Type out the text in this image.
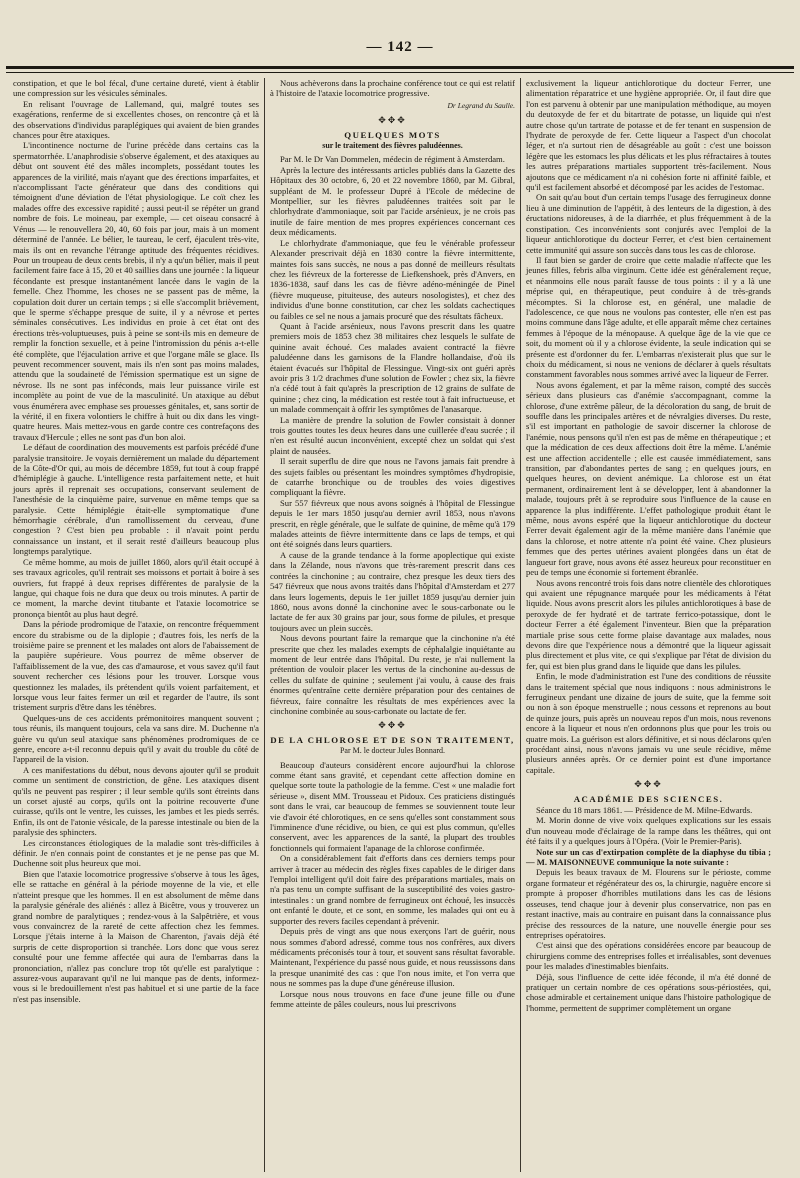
— 142 —

constipation, et que le bol fécal, d'une certaine dureté, vient à établir une compression sur les vésicules séminales.

En relisant l'ouvrage de Lallemand, qui, malgré toutes ses exagérations, renferme de si excellentes choses, on rencontre çà et là des observations d'individus paraplégiques qui avaient de bien grandes chances pour être ataxiques.

L'incontinence nocturne de l'urine précède dans certains cas la spermatorrhée. L'anaphrodisie s'observe également, et des ataxiques au début ont souvent été des mâles incomplets, possédant toutes les apparences de la virilité, mais n'ayant que des érections imparfaites, et n'accomplissant l'acte générateur que dans des conditions qui témoignent d'une déviation de l'état physiologique. Le coït chez les malades offre des excessive rapidité ; aussi peut-il se répéter un grand nombre de fois. Le moineau, par exemple, — cet oiseau consacré à Vénus — le renouvellera 20, 40, 60 fois par jour, mais à un moment déterminé de l'année. Le bélier, le taureau, le cerf, éjaculent très-vite, mais ils ont en revanche l'étrange aptitude des fréquentes récidives. Pour un troupeau de deux cents brebis, il n'y a qu'un bélier, mais il peut facilement faire face à 15, 20 et 40 saillies dans une journée : la liqueur fécondante est presque instantanément lancée dans le vagin de la femelle. Chez l'homme, les choses ne se passent pas de même, la copulation doit durer un certain temps ; si elle s'accomplit brièvement, que le sperme s'échappe presque de suite, il y a névrose et pertes séminales consécutives. Les individus en proie à cet état ont des érections très-voluptueuses, puis à peine se sont-ils mis en demeure de remplir la fonction sexuelle, et à peine l'intromission du pénis a-t-elle été complète, que l'éjaculation arrive et que l'organe mâle se glace. Ils peuvent recommencer souvent, mais ils n'en sont pas moins malades, attendu que la soudaineté de l'émission spermatique est un signe de névrose. Ils ne sont pas inféconds, mais leur puissance virile est incomplète au point de vue de la masculinité. Un ataxique au début vous énumérera avec emphase ses prouesses génitales, et, sans sortir de la vérité, il en fixera volontiers le chiffre à huit ou dix dans les vingt-quatre heures. Mais mettez-vous en garde contre ces contrefaçons des travaux d'Hercule ; elles ne sont pas d'un bon aloi.

Le défaut de coordination des mouvements est parfois précédé d'une paralysie transitoire. Je voyais dernièrement un malade du département de la Côte-d'Or qui, au mois de décembre 1859, fut tout à coup frappé d'hémiplégie à gauche. L'intelligence resta parfaitement nette, et huit jours après il reprenait ses occupations, conservant seulement de l'anesthésie de la cinquième paire, survenue en même temps que sa paralysie. Cette hémiplégie était-elle symptomatique d'une hémorrhagie cérébrale, d'un ramollissement du cerveau, d'une congestion ? C'est bien peu probable : il n'avait point perdu connaissance un instant, et il serait resté d'ailleurs beaucoup plus longtemps paralytique.

Ce même homme, au mois de juillet 1860, alors qu'il était occupé à ses travaux agricoles, qu'il rentrait ses moissons et portait à boire à ses ouvriers, fut frappé à deux reprises différentes de paralysie de la langue, qui chaque fois ne dura que deux ou trois minutes. A partir de ce moment, la marche devint titubante et l'ataxie locomotrice se prononça bientôt au plus haut degré.

Dans la période prodromique de l'ataxie, on rencontre fréquemment encore du strabisme ou de la diplopie ; d'autres fois, les nerfs de la troisième paire se prennent et les malades ont alors de l'abaissement de la paupière supérieure. Vous pourrez de même observer de l'affaiblissement de la vue, des cas d'amaurose, et vous savez qu'il faut souvent rechercher ces lésions pour les trouver. Lorsque vous questionnez les malades, ils prétendent qu'ils voient parfaitement, et lorsque vous leur faites fermer un œil et regarder de l'autre, ils sont tristement surpris d'être dans les ténèbres.

Quelques-uns de ces accidents prémonitoires manquent souvent ; tous réunis, ils manquent toujours, cela va sans dire. M. Duchenne n'a guère vu qu'un seul ataxique sans phénomènes prodromiques de ce genre, encore a-t-il reconnu depuis qu'il y avait du trouble du côté de l'appareil de la vision.

A ces manifestations du début, nous devons ajouter qu'il se produit comme un sentiment de constriction, de gêne. Les ataxiques disent qu'ils ne peuvent pas respirer ; il leur semble qu'ils sont étreints dans un corset ajusté au corps, qu'ils ont la poitrine recouverte d'une cuirasse, qu'ils ont le ventre, les cuisses, les jambes et les pieds serrés. Enfin, ils ont de l'atonie vésicale, de la paresse intestinale ou bien de la paralysie des sphincters.

Les circonstances étiologiques de la maladie sont très-difficiles à définir. Je n'en connais point de constantes et je ne pense pas que M. Duchenne soit plus heureux que moi.

Bien que l'ataxie locomotrice progressive s'observe à tous les âges, elle se rattache en général à la période moyenne de la vie, et elle n'atteint presque que les hommes. Il en est absolument de même dans la paralysie générale des aliénés : allez à Bicêtre, vous y trouverez un grand nombre de paralytiques ; rendez-vous à la Salpêtrière, et vous vous convaincrez de la rareté de cette affection chez les femmes. Lorsque j'étais interne à la Maison de Charenton, j'avais déjà été surpris de cette disproportion si tranchée. Lors donc que vous serez consulté pour une femme affectée qui aura de l'embarras dans la prononciation, n'allez pas conclure trop tôt qu'elle est paralytique : assurez-vous auparavant qu'il ne lui manque pas de dents, informez-vous si le bredouillement n'est pas habituel et si une partie de la face n'est pas insensible.

Nous achèverons dans la prochaine conférence tout ce qui est relatif à l'histoire de l'ataxie locomotrice progressive.

Dr Legrand du Saulle.
✥✥✥
QUELQUES MOTS
sur le traitement des fièvres paludéennes.

Par M. le Dr Van Dommelen, médecin de régiment à Amsterdam.

Après la lecture des intéressants articles publiés dans la Gazette des Hôpitaux des 30 octobre, 6, 20 et 22 novembre 1860, par M. Gibral, suppléant de M. le professeur Dupré à l'Ecole de médecine de Montpellier, sur les fièvres paludéennes traitées soit par le chlorhydrate d'ammoniaque, soit par l'acide arsénieux, je ne crois pas inutile de faire mention de mes propres expériences concernant ces deux médicaments.

Le chlorhydrate d'ammoniaque, que feu le vénérable professeur Alexander prescrivait déjà en 1830 contre la fièvre intermittente, maintes fois sans succès, ne nous a pas donné de meilleurs résultats chez les fiévreux de la forteresse de Liefkenshoek, près d'Anvers, en 1836-1838, sauf dans les cas de fièvre adéno-méningée de Pinel (fièvre muqueuse, pituiteuse, des auteurs nosologistes), et chez des individus d'une bonne constitution, car chez les soldats cachectiques ou faibles ce sel ne nous a jamais procuré que des résultats fâcheux.

Quant à l'acide arsénieux, nous l'avons prescrit dans les quatre premiers mois de 1853 chez 38 militaires chez lesquels le sulfate de quinine avait échoué. Ces malades avaient contracté la fièvre paludéenne dans les garnisons de la Flandre hollandaise, d'où ils étaient évacués sur l'hôpital de Flessingue. Vingt-six ont guéri après avoir pris 3 1/2 drachmes d'une solution de Fowler ; chez six, la fièvre n'a cédé tout à fait qu'après la prescription de 12 grains de sulfate de quinine ; chez cinq, la médication est restée tout à fait infructueuse, et un malade commençait à offrir les symptômes de l'anasarque.

La manière de prendre la solution de Fowler consistait à donner trois gouttes toutes les deux heures dans une cuillerée d'eau sucrée ; il n'en est résulté aucun inconvénient, excepté chez un soldat qui s'est plaint de nausées.

Il serait superflu de dire que nous ne l'avons jamais fait prendre à des sujets faibles ou présentant les moindres symptômes d'hydropisie, de catarrhe bronchique ou de troubles des voies digestives compliquant la fièvre.

Sur 557 fiévreux que nous avons soignés à l'hôpital de Flessingue depuis le 1er mars 1850 jusqu'au dernier avril 1853, nous n'avons prescrit, en règle générale, que le sulfate de quinine, de même qu'à 179 malades atteints de fièvre intermittente dans ce laps de temps, et qui ont été soignés dans leurs quartiers.

A cause de la grande tendance à la forme apoplectique qui existe dans la Zélande, nous n'avons que très-rarement prescrit dans ces contrées la cinchonine ; au contraire, chez presque les deux tiers des 547 fiévreux que nous avons traités dans l'hôpital d'Amsterdam et 277 dans leurs logements, depuis le 1er juillet 1859 jusqu'au dernier juin 1860, nous avons donné la cinchonine avec le sous-carbonate ou le lactate de fer aux 30 grains par jour, sous forme de pilules, et presque toujours avec un plein succès.

Nous devons pourtant faire la remarque que la cinchonine n'a été prescrite que chez les malades exempts de céphalalgie inquiétante au moment de leur entrée dans l'hôpital. Du reste, je n'ai nullement la prétention de vouloir placer les vertus de la cinchonine au-dessus de celles du sulfate de quinine ; seulement j'ai voulu, à cause des frais énormes qu'entraîne cette dernière préparation pour des centaines de fiévreux, faire connaître les résultats de mes expériences avec la cinchonine combinée au sous-carbonate ou lactate de fer.

✥✥✥
DE LA CHLOROSE ET DE SON TRAITEMENT,
Par M. le docteur Jules Bonnard.

Beaucoup d'auteurs considèrent encore aujourd'hui la chlorose comme étant sans gravité, et cependant cette affection domine en quelque sorte toute la pathologie de la femme. C'est « une maladie fort sérieuse », disent MM. Trousseau et Pidoux. Ces praticiens distingués sont dans le vrai, car beaucoup de femmes se souviennent toute leur vie d'avoir été chlorotiques, en ce sens qu'elles sont constamment sous l'imminence d'une récidive, ou bien, ce qui est plus commun, qu'elles conservent, avec les apparences de la santé, la plupart des troubles fonctionnels qui formaient l'apanage de la chlorose confirmée.

On a considérablement fait d'efforts dans ces derniers temps pour arriver à tracer au médecin des règles fixes capables de le diriger dans l'emploi intelligent qu'il doit faire des préparations martiales, mais on n'a pas tenu un compte suffisant de la susceptibilité des voies gastro-intestinales : un grand nombre de ferrugineux ont échoué, les insuccès ont enfanté le doute, et ce sont, en somme, les malades qui ont eu à supporter des revers faciles cependant à prévenir.

Depuis près de vingt ans que nous exerçons l'art de guérir, nous nous sommes d'abord adressé, comme tous nos confrères, aux divers médicaments préconisés tour à tour, et souvent sans résultat favorable. Maintenant, l'expérience du passé nous guide, et nous reussissons dans la presque unanimité des cas : que l'on nous imite, et l'on verra que nous ne sommes pas la dupe d'une généreuse illusion.

Lorsque nous nous trouvons en face d'une jeune fille ou d'une femme atteinte de pâles couleurs, nous lui prescrivons

exclusivement la liqueur antichlorotique du docteur Ferrer, une alimentation réparatrice et une hygiène appropriée. Or, il faut dire que l'on est parvenu à obtenir par une manipulation méthodique, au moyen du deutoxyde de fer et du bitartrate de potasse, un liquide qui n'est autre chose qu'un tartrate de potasse et de fer tenant en suspension de l'hydrate de peroxyde de fer. Cette liqueur a l'aspect d'un chocolat léger, et n'a surtout rien de désagréable au goût : c'est une boisson légère que les estomacs les plus délicats et les plus réfractaires à toutes les autres préparations martiales supportent très-facilement. Nous ajoutons que ce médicament n'a ni cohésion forte ni affinité faible, et qu'il est facilement absorbé et décomposé par les acides de l'estomac.

On sait qu'au bout d'un certain temps l'usage des ferrugineux donne lieu à une diminution de l'appétit, à des lenteurs de la digestion, à des éructations nidoreuses, à de la diarrhée, et plus fréquemment à de la constipation. Ces inconvénients sont conjurés avec l'emploi de la liqueur antichlorotique du docteur Ferrer, et c'est bien certainement cette immunité qui assure son succès dans tous les cas de chlorose.

Il faut bien se garder de croire que cette maladie n'affecte que les jeunes filles, febris alba virginum. Cette idée est généralement reçue, et néanmoins elle nous paraît fausse de tous points : il y a là une méprise qui, en thérapeutique, peut conduire à de très-grands mécomptes. Si la chlorose est, en général, une maladie de l'adolescence, ce que nous ne voulons pas contester, elle n'en est pas moins commune dans l'âge adulte, et elle apparaît même chez certaines femmes à l'époque de la ménopause. A quelque âge de la vie que ce soit, du moment où il y a chlorose évidente, la seule indication qui se présente est d'ordonner du fer. L'embarras n'existerait plus que sur le choix du médicament, si nous ne venions de déclarer à quels résultats constamment favorables nous sommes arrivé avec la liqueur de Ferrer.

Nous avons également, et par la même raison, compté des succès sérieux dans plusieurs cas d'anémie s'accompagnant, comme la chlorose, d'une extrême pâleur, de la décoloration du sang, de bruit de souffle dans les principales artères et de névralgies diverses. Du reste, s'il est important en pathologie de savoir discerner la chlorose de l'anémie, nous pensons qu'il n'en est pas de même en thérapeutique ; et que la médication de ces deux affections doit être la même. L'anémie est une affection accidentelle ; elle est causée immédiatement, sans transition, par d'abondantes pertes de sang ; en quelques jours, en quelques heures, on devient anémique. La chlorose est un état permanent, ordinairement lent à se développer, lent à abandonner la malade, toujours prêt à se reproduire sous l'influence de la cause en apparence la plus indifférente. L'effet pathologique produit étant le même, nous avons espéré que la liqueur antichlorotique du docteur Ferrer devait également agir de la même manière dans l'anémie que dans la chlorose, et notre attente n'a point été vaine. Chez plusieurs femmes que des pertes utérines avaient plongées dans un état de langueur fort grave, nous avons été assez heureux pour reconstituer en peu de temps une économie si fortement ébranlée.

Nous avons rencontré trois fois dans notre clientèle des chlorotiques qui avaient une répugnance marquée pour les médicaments à l'état liquide. Nous avons prescrit alors les pilules antichlorotiques à base de peroxyde de fer hydraté et de tartrate ferrico-potassique, dont le docteur Ferrer a été également l'inventeur. Bien que la préparation martiale prise sous cette forme plaise davantage aux malades, nous devons dire que l'expérience nous a démontré que la liqueur agissait plus directement et plus vite, ce qui s'explique par l'état de division du fer, qui est bien plus grand dans le liquide que dans les pilules.

Enfin, le mode d'administration est l'une des conditions de réussite dans le traitement spécial que nous indiquons : nous administrons le ferrugineux pendant une dizaine de jours de suite, que la femme soit ou non à son époque menstruelle ; nous cessons et reprenons au bout de quinze jours, puis après un nouveau repos d'un mois, nous revenons encore à la liqueur et nous n'en ordonnons plus que pour les trois ou quatre mois. La guérison est alors définitive, et si nous déclarons qu'en procédant ainsi, nous n'avons jamais vu une seule récidive, même plusieurs années après. Or ce dernier point est d'une importance capitale.

✥✥✥
ACADÉMIE DES SCIENCES.

Séance du 18 mars 1861. — Présidence de M. Milne-Edwards.

M. Morin donne de vive voix quelques explications sur les essais d'un nouveau mode d'éclairage de la rampe dans les théâtres, qui ont été faits il y a quelques jours à l'Opéra. (Voir le Premier-Paris).

Note sur un cas d'extirpation complète de la diaphyse du tibia ; — M. MAISONNEUVE communique la note suivante :

Depuis les beaux travaux de M. Flourens sur le périoste, comme organe formateur et régénérateur des os, la chirurgie, naguère encore si prompte à proposer d'horribles mutilations dans les cas de lésions osseuses, tend chaque jour à devenir plus conservatrice, non pas en restant inactive, mais au contraire en puisant dans la connaissance plus précise des ressources de la nature, une nouvelle énergie pour ses entreprises opératoires.

C'est ainsi que des opérations considérées encore par beaucoup de chirurgiens comme des entreprises folles et irréalisables, sont devenues pour les malades d'inestimables bienfaits.

Déjà, sous l'influence de cette idée féconde, il m'a été donné de pratiquer un certain nombre de ces opérations sous-périostées, qui, chose admirable et certainement unique dans l'histoire pathologique de l'homme, permettent de supprimer complètement un organe
